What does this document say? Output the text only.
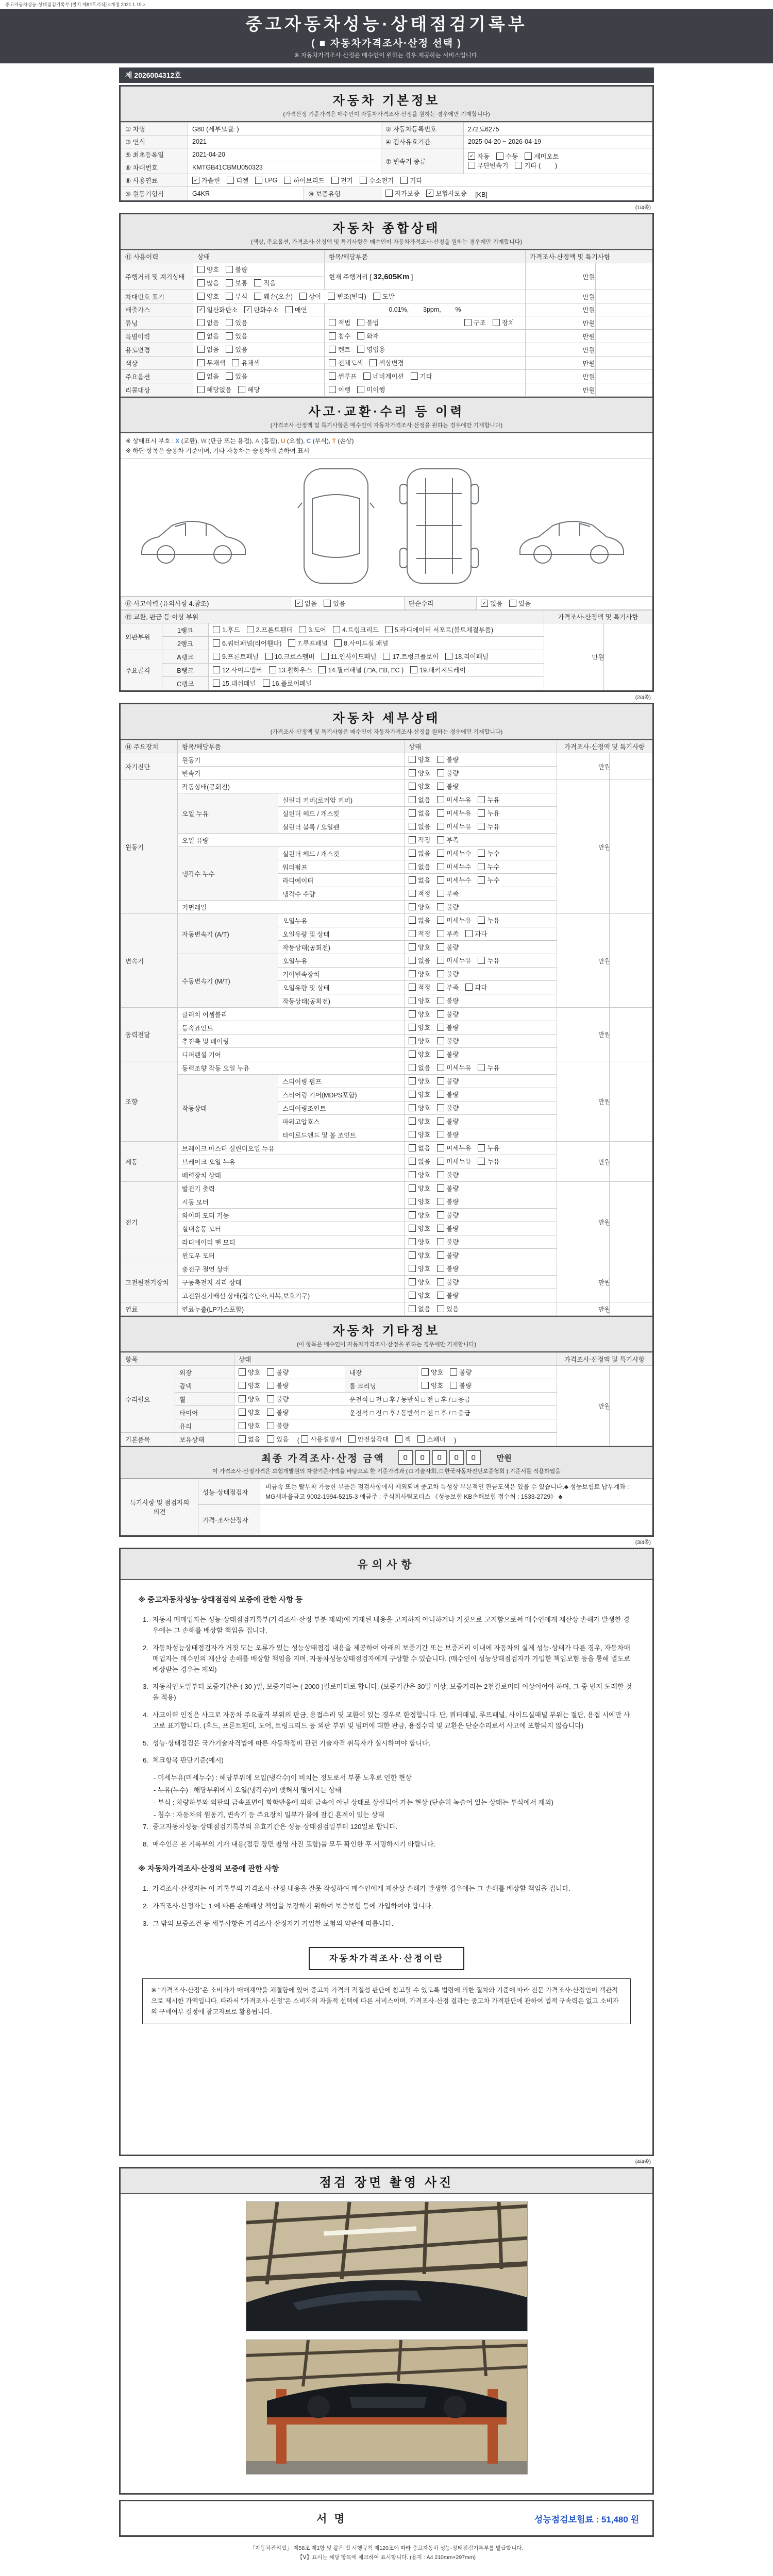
중고자동차성능·상태점검기록부 [별지 제82호서식] <개정 2021.1.19.>
중고자동차성능·상태점검기록부
( ■ 자동차가격조사·산정 선택 )
※ 자동차가격조사·산정은 매수인이 원하는 경우 제공하는 서비스입니다.
제 2026004312호
자동차 기본정보
(가격산정 기준가격은 매수인이 자동차가격조사·산정을 원하는 경우에만 기재합니다)
① 차명	G80 (세부모델: )		② 자동차등록번호	272도6275
③ 연식	2021		④ 검사유효기간	2025-04-20 ~ 2026-04-19
⑤ 최초등록일	2021-04-20	⑦ 변속기 종류	
✓ 자동 수동 세미오토
무단변속기 기타 (        )

⑥ 차대번호	KMTGB41CBMU050323			
⑧ 사용연료	✓ 가솔린 디젤 LPG 하이브리드 전기 수소전기 기타

⑨ 원동기형식	G4KR	⑩ 보증유형	자가보증 ✓ 보험사보증 [KB]	
(1/4쪽)
자동차 종합상태
(색상, 주요옵션, 가격조사·산정액 및 특기사항은 매수인이 자동차가격조사·산정을 원하는 경우에만 기재합니다)
⑪ 사용이력	상태	항목/해당부품	가격조사·산정액 및 특기사항
주행거리 및 계기상태	양호 불량
많음 보통 적음	현재 주행거리 [ 32,605Km ]	만원
차대번호 표기	양호 부식 훼손(오손) 상이 변조(변타) 도말	만원
배출가스	✓ 일산화탄소 ✓ 탄화수소 매연	0.01%,        3ppm,        %	만원
튜닝	없음 있음	적법 불법 구조 장치	만원
특별이력	없음 있음	침수 화재	만원
용도변경	없음 있음	렌트 영업용	만원
색상	무채색 유채색	전체도색 색상변경	만원
주요옵션	없음 있음	썬루프 네비게이션 기타	만원
리콜대상	해당없음 해당	이행 미이행	만원
사고·교환·수리 등 이력
(가격조사·산정액 및 특기사항은 매수인이 자동차가격조사·산정을 원하는 경우에만 기재합니다)
※ 상태표시 부호 : X (교환), W (판금 또는 용접), A (흠집), U (요철), C (부식), T (손상)
※ 하단 항목은 승용차 기준이며, 기타 자동차는 승용차에 준하여 표시
⑫ 사고이력 (유의사항 4.참조)	✓ 없음 있음	단순수리	✓ 없음 있음
⑬ 교환, 판금 등 이상 부위			가격조사·산정액 및 특기사항
외판부위	1랭크	1.후드 2.프론트휀더 3.도어 4.트렁크리드 5.라디에이터 서포트(볼트체결부품)	만원
	2랭크	6.쿼터패널(리어휀다) 7.루프패널 8.사이드실 패널	

주요골격	A랭크	9.프론트패널 10.크로스멤버 11.인사이드패널 17.트렁크플로어 18.리어패널	

	B랭크	12.사이드멤버 13.휠하우스 14.필러패널 ( □A, □B, □C ) 19.패키지트레이	

	C랭크	15.대쉬패널 16.플로어패널	
(2/4쪽)
자동차 세부상태
(가격조사·산정액 및 특기사항은 매수인이 자동차가격조사·산정을 원하는 경우에만 기재합니다)
⑭ 주요장치	항목/해당부품		상태	가격조사·산정액 및 특기사항
자기진단	원동기		양호 불량	만원
	변속기		양호 불량	

원동기	작동상태(공회전)		양호 불량	만원
	오일 누유	실린더 커버(로커암 커버)	없음 미세누유 누유	

		실린더 헤드 / 개스킷	없음 미세누유 누유	

		실린더 블록 / 오일팬	없음 미세누유 누유	

	오일 유량		적정 부족	

	냉각수 누수	실린더 헤드 / 개스킷	없음 미세누수 누수	

		워터펌프	없음 미세누수 누수	

		라디에이터	없음 미세누수 누수	

		냉각수 수량	적정 부족	

	커먼레일		양호 불량	

변속기	자동변속기 (A/T)	오일누유	없음 미세누유 누유	만원
		오일유량 및 상태	적정 부족 과다	

		작동상태(공회전)	양호 불량	

	수동변속기 (M/T)	오일누유	없음 미세누유 누유	

		기어변속장치	양호 불량	

		오일유량 및 상태	적정 부족 과다	

		작동상태(공회전)	양호 불량	

동력전달	클러치 어셈블리		양호 불량	만원
	등속죠인트		양호 불량	

	추진축 및 베어링		양호 불량	

	디퍼렌셜 기어		양호 불량	

조향	동력조향 작동 오일 누유		없음 미세누유 누유	만원
	작동상태	스티어링 펌프	양호 불량	

		스티어링 기어(MDPS포함)	양호 불량	

		스티어링조인트	양호 불량	

		파워고압호스	양호 불량	

		타이로드엔드 및 볼 조인트	양호 불량	

제동	브레이크 마스터 실린더오일 누유		없음 미세누유 누유	만원
	브레이크 오일 누유		없음 미세누유 누유	

	배력장치 상태		양호 불량	

전기	발전기 출력		양호 불량	만원
	시동 모터		양호 불량	

	와이퍼 모터 기능		양호 불량	

	실내송풍 모터		양호 불량	

	라디에이터 팬 모터		양호 불량	

	윈도우 모터		양호 불량	

고전원전기장치	충전구 절연 상태		양호 불량	만원
	구동축전지 격리 상태		양호 불량	

	고전원전기배선 상태(접속단자,피복,보호기구)		양호 불량	

연료	연료누출(LP가스포함)		없음 있음	만원
자동차 기타정보
(이 항목은 매수인이 자동차가격조사·산정을 원하는 경우에만 기재합니다)
항목		상태			가격조사·산정액 및 특기사항
수리필요	외장	양호 불량	내장	양호 불량	만원
	광택	양호 불량	룸 크리닝	양호 불량	

	휠	양호 불량	운전석 □ 전 □ 후 / 동반석 □ 전 □ 후 / □ 응급		
	타이어	양호 불량	운전석 □ 전 □ 후 / 동반석 □ 전 □ 후 / □ 응급		
	유리	양호 불량			

기본품목	보유상태	없음 있음 ( 사용설명서 안전삼각대 잭 스패너 )
최종 가격조사·산정 금액	0 0 0 0 0	만원
이 가격조사·산정가격은 보험개발원의 차량기준가액을 바탕으로 한 기준가격과 ( □ 기술사회, □ 한국자동차진단보증협회 ) 기준서를 적용하였음
특기사항 및 점검자의 의견	성능·상태점검자	비금속 또는 탈부착 가능한 부품은 점검사항에서 제외되며 중고차 특성상 부분적인 판금도색은 있을 수 있습니다.♣ 성능보험료 납부계좌 : MG새마을금고 9002-1994-5215-3 예금주 : 주식회사팀모터스 《성능보험 KB손해보험 접수처 : 1533-2729》 ♣
	가격·조사산정자	
(3/4쪽)
유의사항
※ 중고자동차성능·상태점검의 보증에 관한 사항 등
1. 자동차 매매업자는 성능·상태점검기록부(가격조사·산정 부분 제외)에 기재된 내용을 고지하지 아니하거나 거짓으로 고지함으로써 매수인에게 재산상 손해가 발생한 경우에는 그 손해를 배상할 책임을 집니다.
2. 자동차성능상태점검자가 거짓 또는 오류가 있는 성능상태점검 내용을 제공하여 아래의 보증기간 또는 보증거리 이내에 자동차의 실제 성능·상태가 다른 경우, 자동차매매업자는 매수인의 재산상 손해를 배상할 책임을 지며, 자동차성능상태점검자에게 구상할 수 있습니다. (매수인이 성능상태점검자가 가입한 책임보험 등을 통해 별도로 배상받는 경우는 제외)
3. 자동차인도일부터 보증기간은 ( 30 )일, 보증거리는 ( 2000 )킬로미터로 합니다. (보증기간은 30일 이상, 보증거리는 2천킬로미터 이상이어야 하며, 그 중 먼저 도래한 것을 적용)
4. 사고이력 인정은 사고로 자동차 주요골격 부위의 판금, 용접수리 및 교환이 있는 경우로 한정합니다. 단, 쿼터패널, 루프패널, 사이드실패널 부위는 절단, 용접 시에만 사고로 표기합니다. (후드, 프론트휀더, 도어, 트렁크리드 등 외판 부위 및 범퍼에 대한 판금, 용접수리 및 교환은 단순수리로서 사고에 포함되지 않습니다)
5. 성능·상태점검은 국가기술자격법에 따른 자동차정비 관련 기술자격 취득자가 실시하여야 합니다.
6. 체크항목 판단기준(예시)
- 미세누유(미세누수) : 해당부위에 오일(냉각수)이 비치는 정도로서 부품 노후로 인한 현상
- 누유(누수) : 해당부위에서 오일(냉각수)이 맺혀서 떨어지는 상태
- 부식 : 차량하부와 외판의 금속표면이 화학반응에 의해 금속이 아닌 상태로 상실되어 가는 현상 (단순히 녹슬어 있는 상태는 부식에서 제외)
- 침수 : 자동차의 원동기, 변속기 등 주요장치 일부가 물에 잠긴 흔적이 있는 상태
7. 중고자동차성능·상태점검기록부의 유효기간은 성능·상태점검일부터 120일로 합니다.
8. 매수인은 본 기록부의 기재 내용(점검 장면 촬영 사진 포함)을 모두 확인한 후 서명하시기 바랍니다.
※ 자동차가격조사·산정의 보증에 관한 사항
1. 가격조사·산정자는 이 기록부의 가격조사·산정 내용을 잘못 작성하여 매수인에게 재산상 손해가 발생한 경우에는 그 손해를 배상할 책임을 집니다.
2. 가격조사·산정자는 1.에 따른 손해배상 책임을 보장하기 위하여 보증보험 등에 가입하여야 합니다.
3. 그 밖의 보증조건 등 세부사항은 가격조사·산정자가 가입한 보험의 약관에 따릅니다.
자동차가격조사·산정이란
※ "가격조사·산정"은 소비자가 매매계약을 체결함에 있어 중고차 가격의 적절성 판단에 참고할 수 있도록 법령에 의한 절차와 기준에 따라 전문 가격조사·산정인이 객관적으로 제시한 가액입니다. 따라서 "가격조사·산정"은 소비자의 자율적 선택에 따른 서비스이며, 가격조사·산정 결과는 중고차 가격판단에 관하여 법적 구속력은 없고 소비자의 구매여부 결정에 참고자료로 활용됩니다.
(4/4쪽)
점검 장면 촬영 사진
서명	성능점검보험료 : 51,480 원
「자동차관리법」 제58조 제1항 및 같은 법 시행규칙 제120조에 따라 중고자동차 성능·상태점검기록부를 발급합니다.
【Ⅴ】표시는 해당 항목에 체크하여 표시합니다. (용지 : A4 210mm×297mm)
